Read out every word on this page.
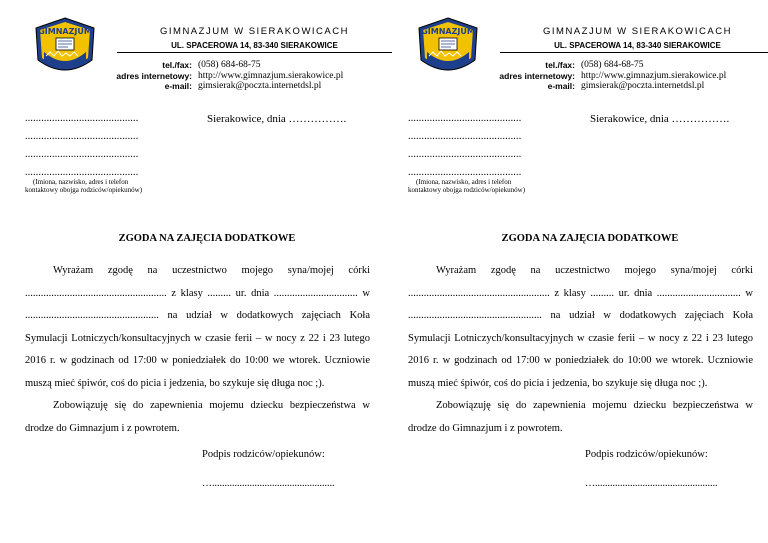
GIMNAZJUM	GIMNAZJUM W SIERAKOWICACH
UL. SPACEROWA 14, 83-340 SIERAKOWICE
tel./fax: (058) 684-68-75
adres internetowy: http://www.gimnazjum.sierakowice.pl
e-mail: gimsierak@poczta.internetdsl.pl
..........................................	Sierakowice, dnia …………….
..........................................
..........................................
..........................................
(Imiona, nazwisko, adres i telefon
kontaktowy obojga rodziców/opiekunów)
ZGODA NA ZAJĘCIA DODATKOWE

Wyrażam zgodę na uczestnictwo mojego syna/mojej córki ...................................................... z klasy ......... ur. dnia ................................ w ................................................... na udział w dodatkowych zajęciach Koła Symulacji Lotniczych/konsultacyjnych w czasie ferii – w nocy z 22 i 23 lutego 2016 r. w godzinach od 17:00 w poniedziałek do 10:00 we wtorek. Uczniowie muszą mieć śpiwór, coś do picia i jedzenia, bo szykuje się długa noc ;).

Zobowiązuję się do zapewnienia mojemu dziecku bezpieczeństwa w drodze do Gimnazjum i z powrotem.

Podpis rodziców/opiekunów:
….................................................
GIMNAZJUM	GIMNAZJUM W SIERAKOWICACH
UL. SPACEROWA 14, 83-340 SIERAKOWICE
tel./fax: (058) 684-68-75
adres internetowy: http://www.gimnazjum.sierakowice.pl
e-mail: gimsierak@poczta.internetdsl.pl
..........................................	Sierakowice, dnia …………….
..........................................
..........................................
..........................................
(Imiona, nazwisko, adres i telefon
kontaktowy obojga rodziców/opiekunów)
ZGODA NA ZAJĘCIA DODATKOWE

Wyrażam zgodę na uczestnictwo mojego syna/mojej córki ...................................................... z klasy ......... ur. dnia ................................ w ................................................... na udział w dodatkowych zajęciach Koła Symulacji Lotniczych/konsultacyjnych w czasie ferii – w nocy z 22 i 23 lutego 2016 r. w godzinach od 17:00 w poniedziałek do 10:00 we wtorek. Uczniowie muszą mieć śpiwór, coś do picia i jedzenia, bo szykuje się długa noc ;).

Zobowiązuję się do zapewnienia mojemu dziecku bezpieczeństwa w drodze do Gimnazjum i z powrotem.

Podpis rodziców/opiekunów:
….................................................
